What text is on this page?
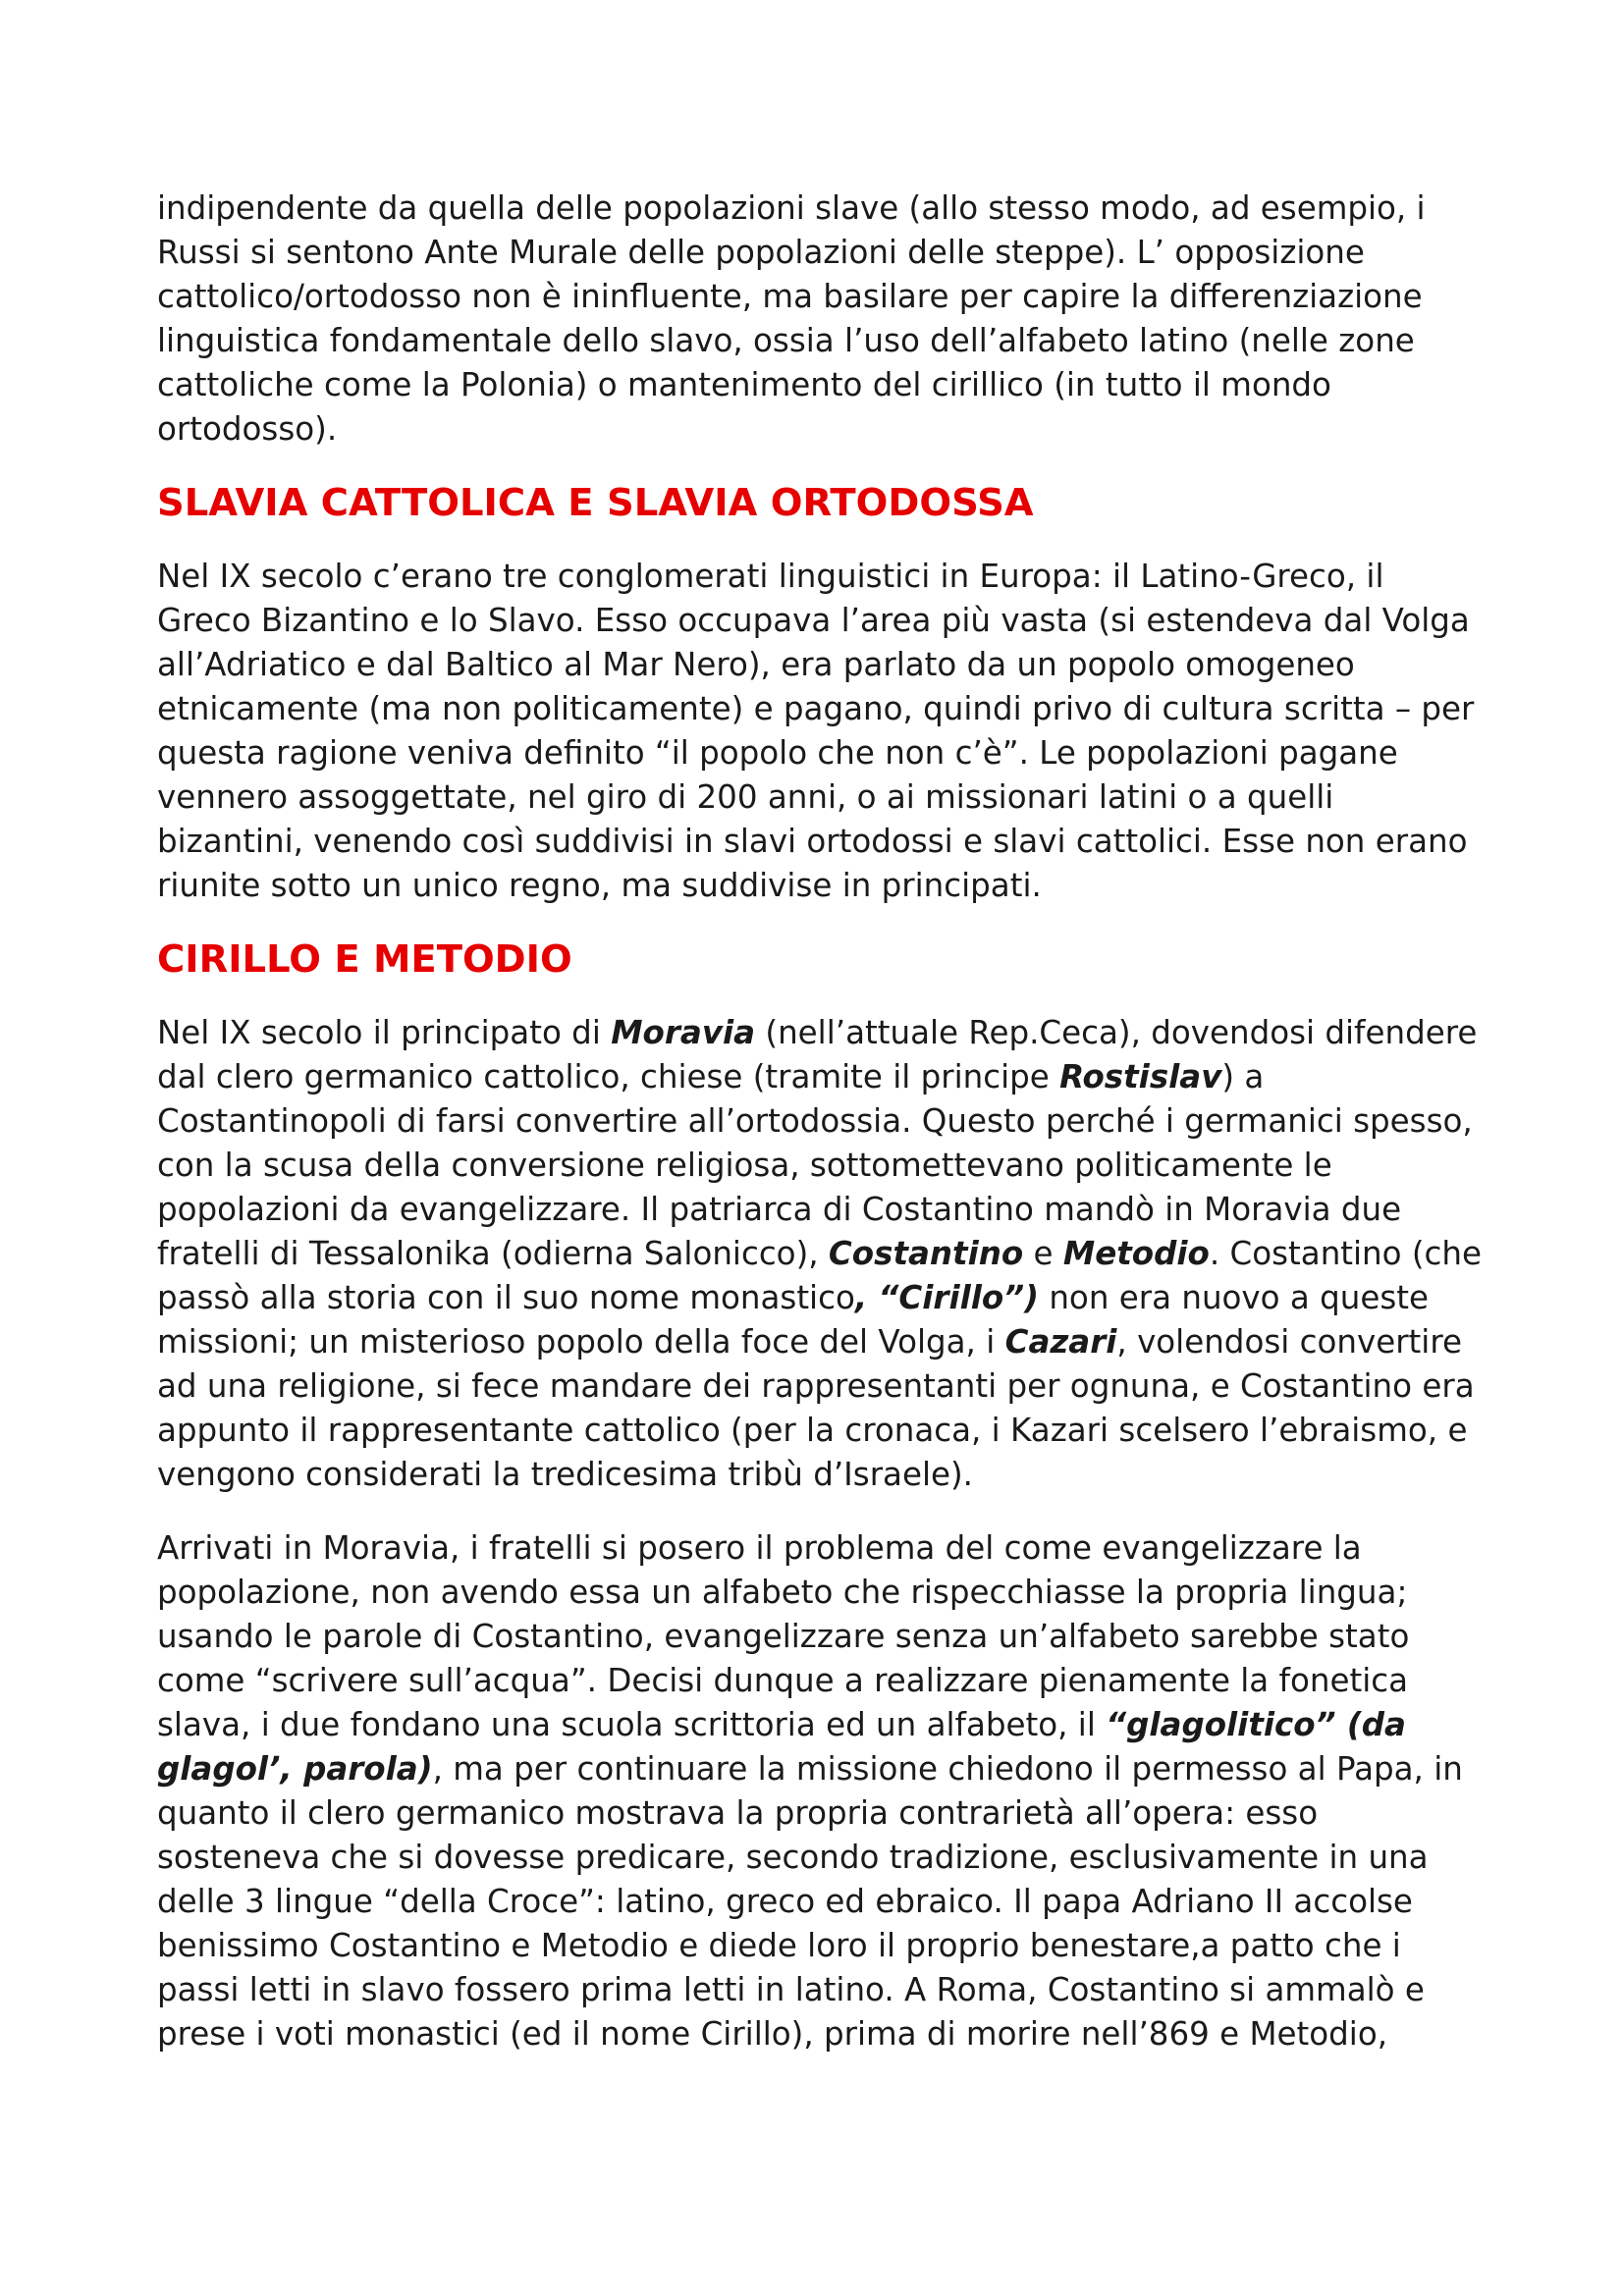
indipendente da quella delle popolazioni slave (allo stesso modo, ad esempio, i Russi si sentono Ante Murale delle popolazioni delle steppe). L’ opposizione cattolico/ortodosso non è ininfluente, ma basilare per capire la differenziazione linguistica fondamentale dello slavo, ossia l’uso dell’alfabeto latino (nelle zone cattoliche come la Polonia) o mantenimento del cirillico (in tutto il mondo ortodosso).

SLAVIA CATTOLICA E SLAVIA ORTODOSSA

Nel IX secolo c’erano tre conglomerati linguistici in Europa: il Latino-Greco, il Greco Bizantino e lo Slavo. Esso occupava l’area più vasta (si estendeva dal Volga all’Adriatico e dal Baltico al Mar Nero), era parlato da un popolo omogeneo etnicamente (ma non politicamente) e pagano, quindi privo di cultura scritta – per questa ragione veniva definito “il popolo che non c’è”. Le popolazioni pagane vennero assoggettate, nel giro di 200 anni, o ai missionari latini o a quelli bizantini, venendo così suddivisi in slavi ortodossi e slavi cattolici. Esse non erano riunite sotto un unico regno, ma suddivise in principati.

CIRILLO E METODIO

Nel IX secolo il principato di Moravia (nell’attuale Rep.Ceca), dovendosi difendere dal clero germanico cattolico, chiese (tramite il principe Rostislav) a Costantinopoli di farsi convertire all’ortodossia. Questo perché i germanici spesso, con la scusa della conversione religiosa, sottomettevano politicamente le popolazioni da evangelizzare. Il patriarca di Costantino mandò in Moravia due fratelli di Tessalonika (odierna Salonicco), Costantino e Metodio. Costantino (che passò alla storia con il suo nome monastico, “Cirillo”) non era nuovo a queste missioni; un misterioso popolo della foce del Volga, i Cazari, volendosi convertire ad una religione, si fece mandare dei rappresentanti per ognuna, e Costantino era appunto il rappresentante cattolico (per la cronaca, i Kazari scelsero l’ebraismo, e vengono considerati la tredicesima tribù d’Israele).

Arrivati in Moravia, i fratelli si posero il problema del come evangelizzare la popolazione, non avendo essa un alfabeto che rispecchiasse la propria lingua; usando le parole di Costantino, evangelizzare senza un’alfabeto sarebbe stato come “scrivere sull’acqua”. Decisi dunque a realizzare pienamente la fonetica slava, i due fondano una scuola scrittoria ed un alfabeto, il “glagolitico” (da glagol’, parola), ma per continuare la missione chiedono il permesso al Papa, in quanto il clero germanico mostrava la propria contrarietà all’opera: esso sosteneva che si dovesse predicare, secondo tradizione, esclusivamente in una delle 3 lingue “della Croce”: latino, greco ed ebraico. Il papa Adriano II accolse benissimo Costantino e Metodio e diede loro il proprio benestare,a patto che i passi letti in slavo fossero prima letti in latino. A Roma, Costantino si ammalò e prese i voti monastici (ed il nome Cirillo), prima di morire nell’869 e Metodio,
